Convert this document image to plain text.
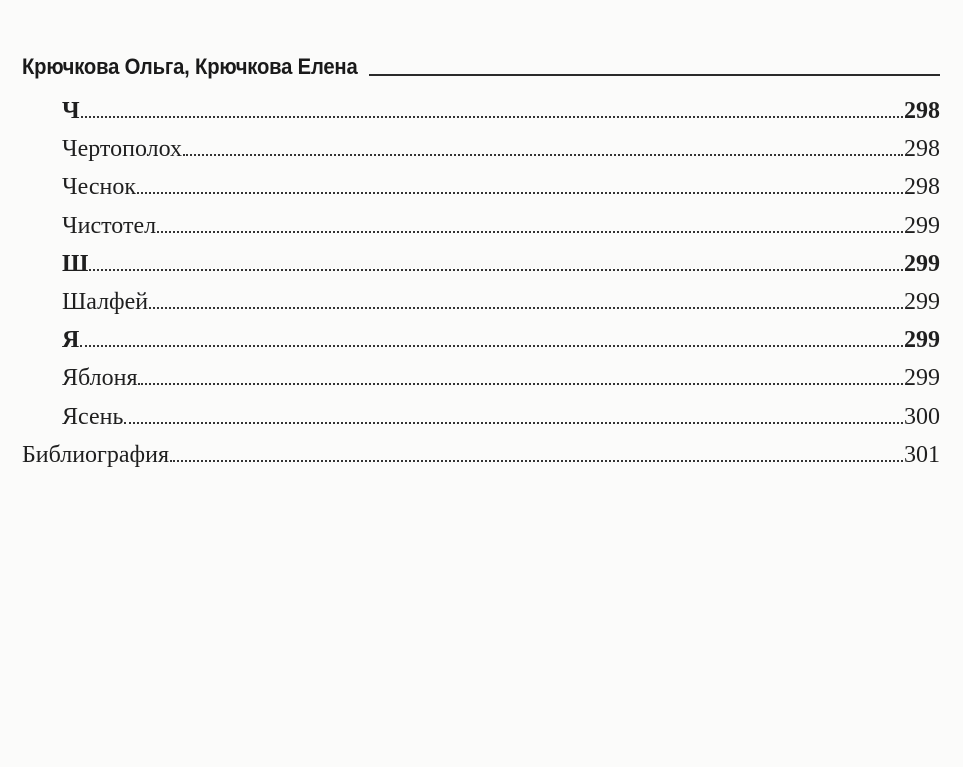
Крючкова Ольга, Крючкова Елена
Ч	298
Чертополох	298
Чеснок	298
Чистотел	299
Ш	299
Шалфей	299
Я	299
Яблоня	299
Ясень	300
Библиография	301
